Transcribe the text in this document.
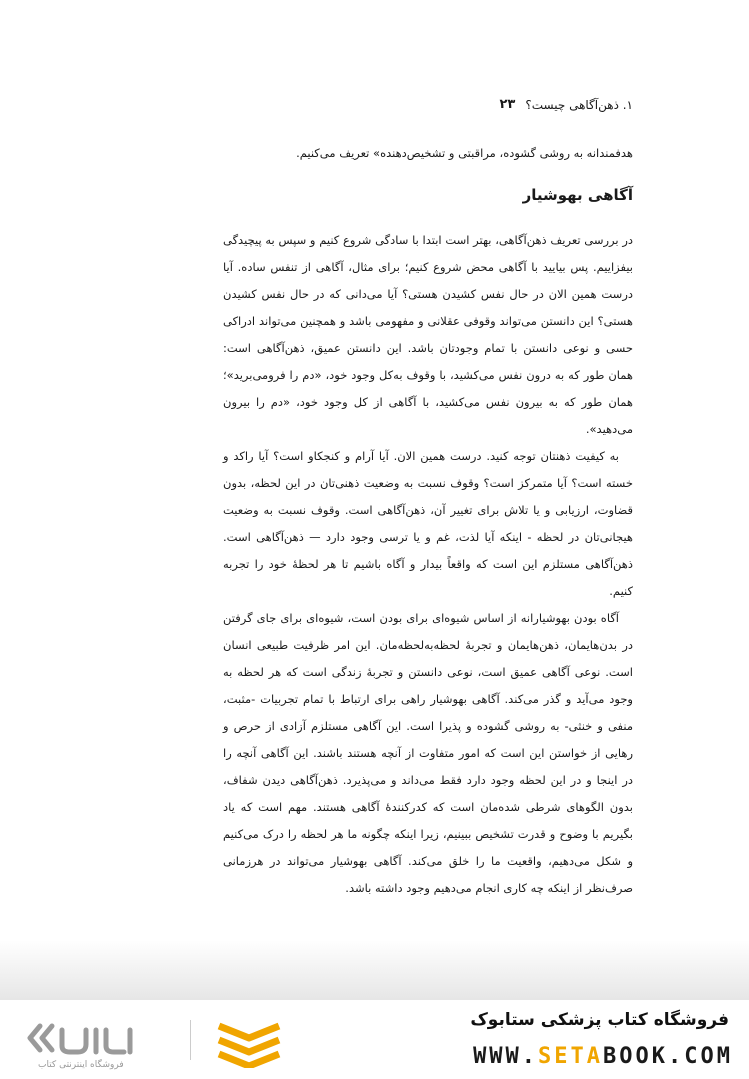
۱. ذهن‌آگاهی چیست؟
۲۳

هدفمندانه به روشی گشوده، مراقبتی و تشخیص‌دهنده» تعریف می‌کنیم.

آگاهی بهوشیار

در بررسی تعریف ذهن‌آگاهی، بهتر است ابتدا با سادگی شروع کنیم و سپس به پیچیدگی بیفزاییم. پس بیایید با آگاهی محض شروع کنیم؛ برای مثال، آگاهی از تنفس ساده. آیا درست همین الان در حال نفس کشیدن هستی؟ آیا می‌دانی که در حال نفس کشیدن هستی؟ این دانستن می‌تواند وقوفی عقلانی و مفهومی باشد و همچنین می‌تواند ادراکی حسی و نوعی دانستن با تمام وجودتان باشد. این دانستن عمیق، ذهن‌آگاهی است: همان طور که به درون نفس می‌کشید، با وقوف به‌کل وجود خود، «دم را فرومی‌برید»؛ همان طور که به بیرون نفس می‌کشید، با آگاهی از کل وجود خود، «دم را بیرون می‌دهید».

به کیفیت ذهنتان توجه کنید. درست همین الان. آیا آرام و کنجکاو است؟ آیا راکد و خسته است؟ آیا متمرکز است؟ وقوف نسبت به وضعیت ذهنی‌تان در این لحظه، بدون قضاوت، ارزیابی و یا تلاش برای تغییر آن، ذهن‌آگاهی است. وقوف نسبت به وضعیت هیجانی‌تان در لحظه - اینکه آیا لذت، غم و یا ترسی وجود دارد — ذهن‌آگاهی است. ذهن‌آگاهی مستلزم این است که واقعاً بیدار و آگاه باشیم تا هر لحظهٔ خود را تجربه کنیم.

آگاه بودن بهوشیارانه از اساس شیوه‌ای برای بودن است، شیوه‌ای برای جای گرفتن در بدن‌هایمان، ذهن‌هایمان و تجربهٔ لحظه‌به‌لحظه‌مان. این امر ظرفیت طبیعی انسان است. نوعی آگاهی عمیق است، نوعی دانستن و تجربهٔ زندگی است که هر لحظه به وجود می‌آید و گذر می‌کند. آگاهی بهوشیار راهی برای ارتباط با تمام تجربیات -مثبت، منفی و خنثی- به روشی گشوده و پذیرا است. این آگاهی مستلزم آزادی از حرص و رهایی از خواستن این است که امور متفاوت از آنچه هستند باشند. این آگاهی آنچه را در اینجا و در این لحظه وجود دارد فقط می‌داند و می‌پذیرد. ذهن‌آگاهی دیدن شفاف، بدون الگوهای شرطی شده‌مان است که کدرکنندهٔ آگاهی هستند. مهم است که یاد بگیریم با وضوح و قدرت تشخیص ببینیم، زیرا اینکه چگونه ما هر لحظه را درک می‌کنیم و شکل می‌دهیم، واقعیت ما را خلق می‌کند. آگاهی بهوشیار می‌تواند در هرزمانی صرف‌نظر از اینکه چه کاری انجام می‌دهیم وجود داشته باشد.

فروشگاه اینترنتی کتاب
فروشگاه کتاب پزشکی ستابوک
WWW.SETABOOK.COM
